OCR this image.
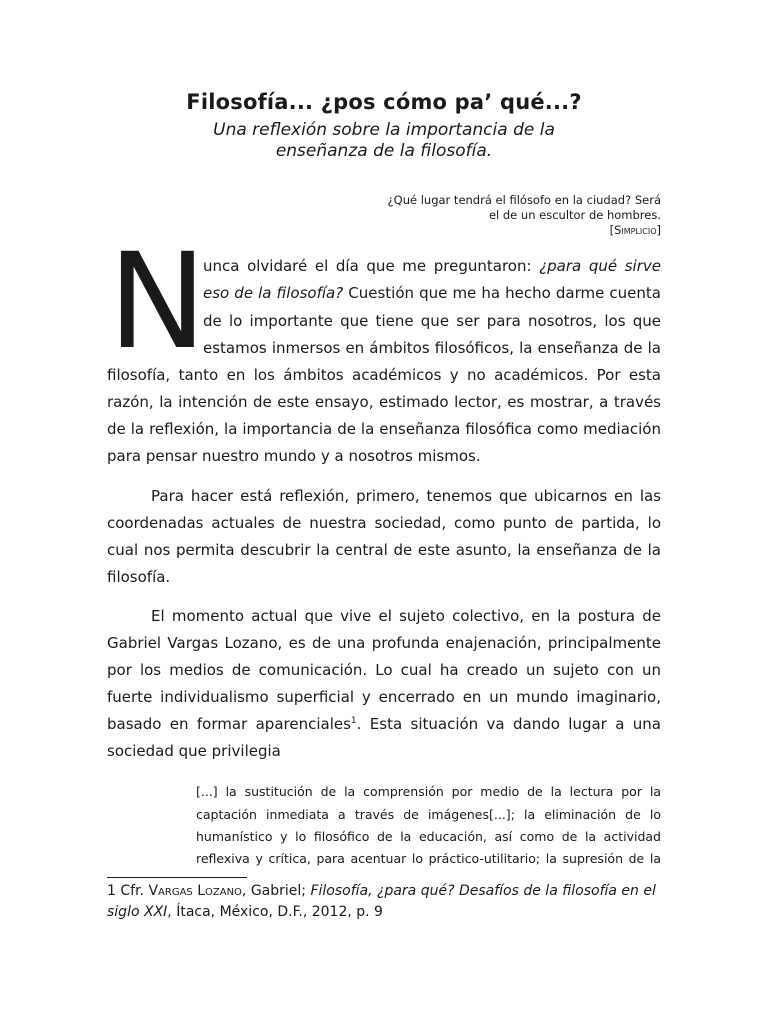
Filosofía... ¿pos cómo pa’ qué...?
Una reflexión sobre la importancia de la
enseñanza de la filosofía.
¿Qué lugar tendrá el filósofo en la ciudad? Será
el de un escultor de hombres.
[Simplicio]
N unca olvidaré el día que me preguntaron: ¿para qué sirve
eso de la filosofía? Cuestión que me ha hecho darme cuenta
de lo importante que tiene que ser para nosotros, los que
estamos inmersos en ámbitos filosóficos, la enseñanza de la
filosofía, tanto en los ámbitos académicos y no académicos. Por esta
razón, la intención de este ensayo, estimado lector, es mostrar, a través
de la reflexión, la importancia de la enseñanza filosófica como mediación
para pensar nuestro mundo y a nosotros mismos.
Para hacer está reflexión, primero, tenemos que ubicarnos en las
coordenadas actuales de nuestra sociedad, como punto de partida, lo
cual nos permita descubrir la central de este asunto, la enseñanza de la
filosofía.
El momento actual que vive el sujeto colectivo, en la postura de
Gabriel Vargas Lozano, es de una profunda enajenación, principalmente
por los medios de comunicación. Lo cual ha creado un sujeto con un
fuerte individualismo superficial y encerrado en un mundo imaginario,
basado en formar aparenciales$^1$. Esta situación va dando lugar a una
sociedad que privilegia
[...] la sustitución de la comprensión por medio de la lectura por la
captación inmediata a través de imágenes[...]; la eliminación de lo
humanístico y lo filosófico de la educación, así como de la actividad
reflexiva y crítica, para acentuar lo práctico-utilitario; la supresión de la
1 Cfr. Vargas Lozano, Gabriel; Filosofía, ¿para qué? Desafíos de la filosofía en el
siglo XXI, Ítaca, México, D.F., 2012, p. 9
